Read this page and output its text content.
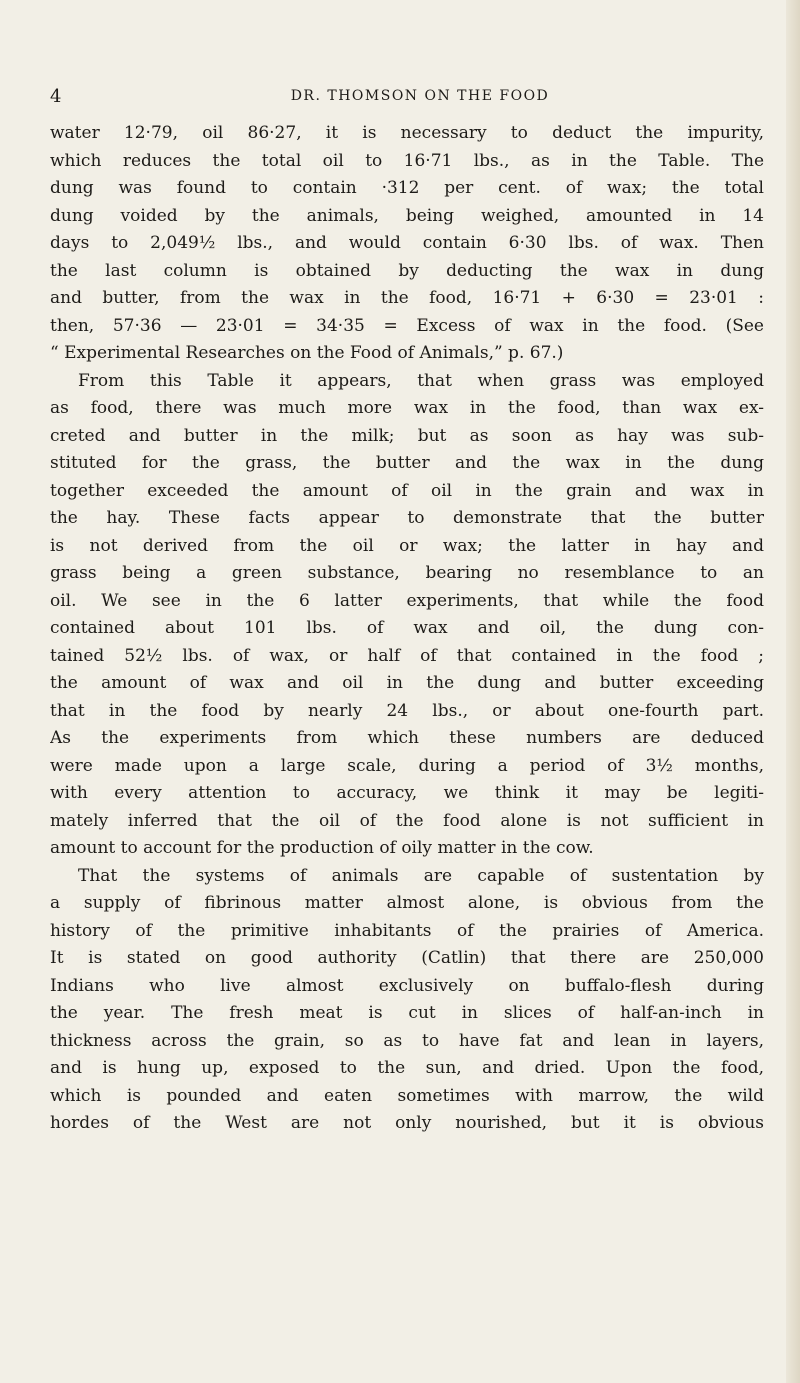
4	DR. THOMSON ON THE FOOD
water 12·79, oil 86·27, it is necessary to deduct the impurity,
which reduces the total oil to 16·71 lbs., as in the Table. The
dung was found to contain ·312 per cent. of wax; the total
dung voided by the animals, being weighed, amounted in 14
days to 2,049½ lbs., and would contain 6·30 lbs. of wax. Then
the last column is obtained by deducting the wax in dung
and butter, from the wax in the food, 16·71 + 6·30 = 23·01 :
then, 57·36 — 23·01 = 34·35 = Excess of wax in the food. (See
“ Experimental Researches on the Food of Animals,” p. 67.)
From this Table it appears, that when grass was employed
as food, there was much more wax in the food, than wax ex-
creted and butter in the milk; but as soon as hay was sub-
stituted for the grass, the butter and the wax in the dung
together exceeded the amount of oil in the grain and wax in
the hay. These facts appear to demonstrate that the butter
is not derived from the oil or wax; the latter in hay and
grass being a green substance, bearing no resemblance to an
oil. We see in the 6 latter experiments, that while the food
contained about 101 lbs. of wax and oil, the dung con-
tained 52½ lbs. of wax, or half of that contained in the food ;
the amount of wax and oil in the dung and butter exceeding
that in the food by nearly 24 lbs., or about one-fourth part.
As the experiments from which these numbers are deduced
were made upon a large scale, during a period of 3½ months,
with every attention to accuracy, we think it may be legiti-
mately inferred that the oil of the food alone is not sufficient in
amount to account for the production of oily matter in the cow.
That the systems of animals are capable of sustentation by
a supply of fibrinous matter almost alone, is obvious from the
history of the primitive inhabitants of the prairies of America.
It is stated on good authority (Catlin) that there are 250,000
Indians who live almost exclusively on buffalo-flesh during
the year. The fresh meat is cut in slices of half-an-inch in
thickness across the grain, so as to have fat and lean in layers,
and is hung up, exposed to the sun, and dried. Upon the food,
which is pounded and eaten sometimes with marrow, the wild
hordes of the West are not only nourished, but it is obvious
